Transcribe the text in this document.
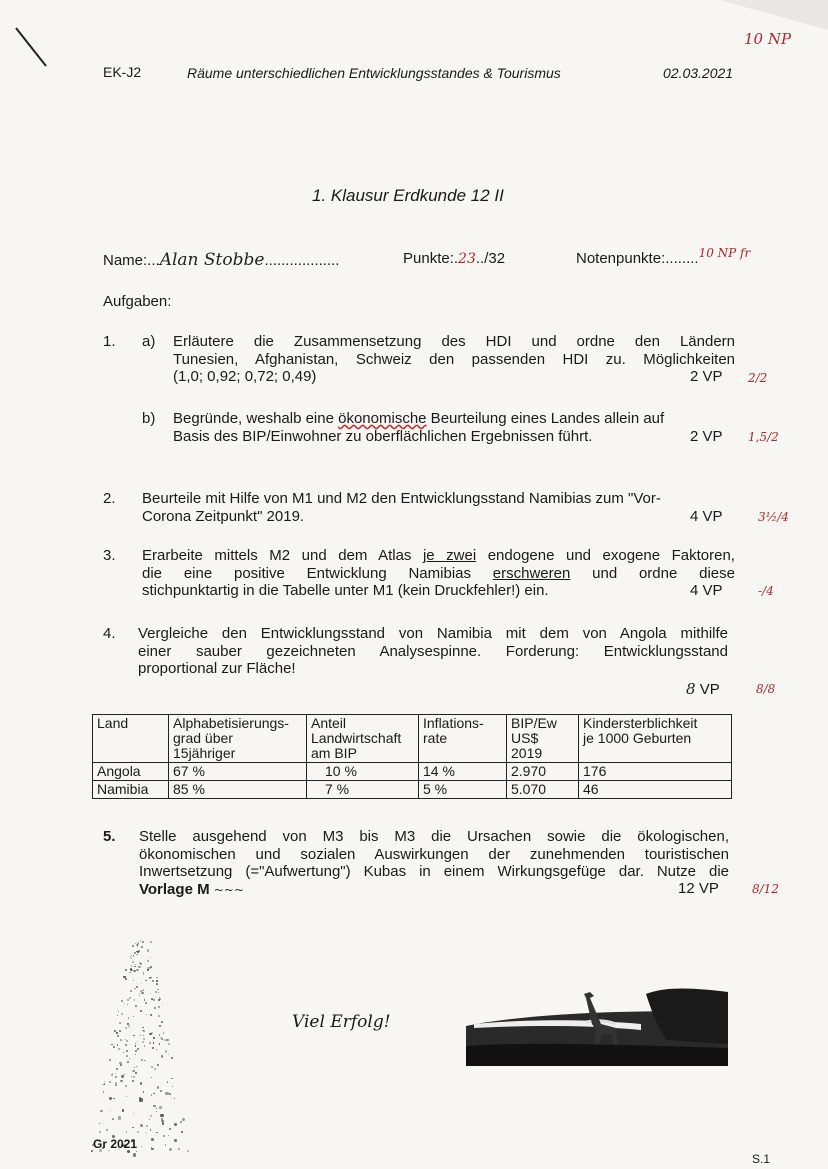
10 NP
EK-J2	Räume unterschiedlichen Entwicklungsstandes & Tourismus	02.03.2021
1. Klausur Erdkunde 12 II
Name:...Alan Stobbe..................	Punkte:.23../32	Notenpunkte:........$^{10 NP fr}$
Aufgaben:
1. a) Erläutere die Zusammensetzung des HDI und ordne den Ländern
Tunesien, Afghanistan, Schweiz den passenden HDI zu. Möglichkeiten
(1,0; 0,92; 0,72; 0,49)	2 VP 2/2
b) Begründe, weshalb eine ökonomische Beurteilung eines Landes allein auf
Basis des BIP/Einwohner zu oberflächlichen Ergebnissen führt.	2 VP 1,5/2
2. Beurteile mit Hilfe von M1 und M2 den Entwicklungsstand Namibias zum "Vor-
Corona Zeitpunkt" 2019.	4 VP	3½/4
3. Erarbeite mittels M2 und dem Atlas je zwei endogene und exogene Faktoren,
die eine positive Entwicklung Namibias erschweren und ordne diese
stichpunktartig in die Tabelle unter M1 (kein Druckfehler!) ein.	4 VP	-/4
4. Vergleiche den Entwicklungsstand von Namibia mit dem von Angola mithilfe
einer sauber gezeichneten Analysespinne. Forderung: Entwicklungsstand
proportional zur Fläche!
8 VP	8/8
Land	Alphabetisierungs-
grad über
15jähriger	Anteil
Landwirtschaft
am BIP	Inflations-
rate	BIP/Ew
US$
2019	Kindersterblichkeit
je 1000 Geburten
Angola	67 %	10 %	14 %	2.970	176
Namibia	85 %	7 %	5 %	5.070	46
5. Stelle ausgehend von M3 bis M3 die Ursachen sowie die ökologischen,
ökonomischen und sozialen Auswirkungen der zunehmenden touristischen
Inwertsetzung (="Aufwertung") Kubas in einem Wirkungsgefüge dar. Nutze die
Vorlage M ~~~	12 VP	8/12
Viel Erfolg!
Gr 2021
S.1
